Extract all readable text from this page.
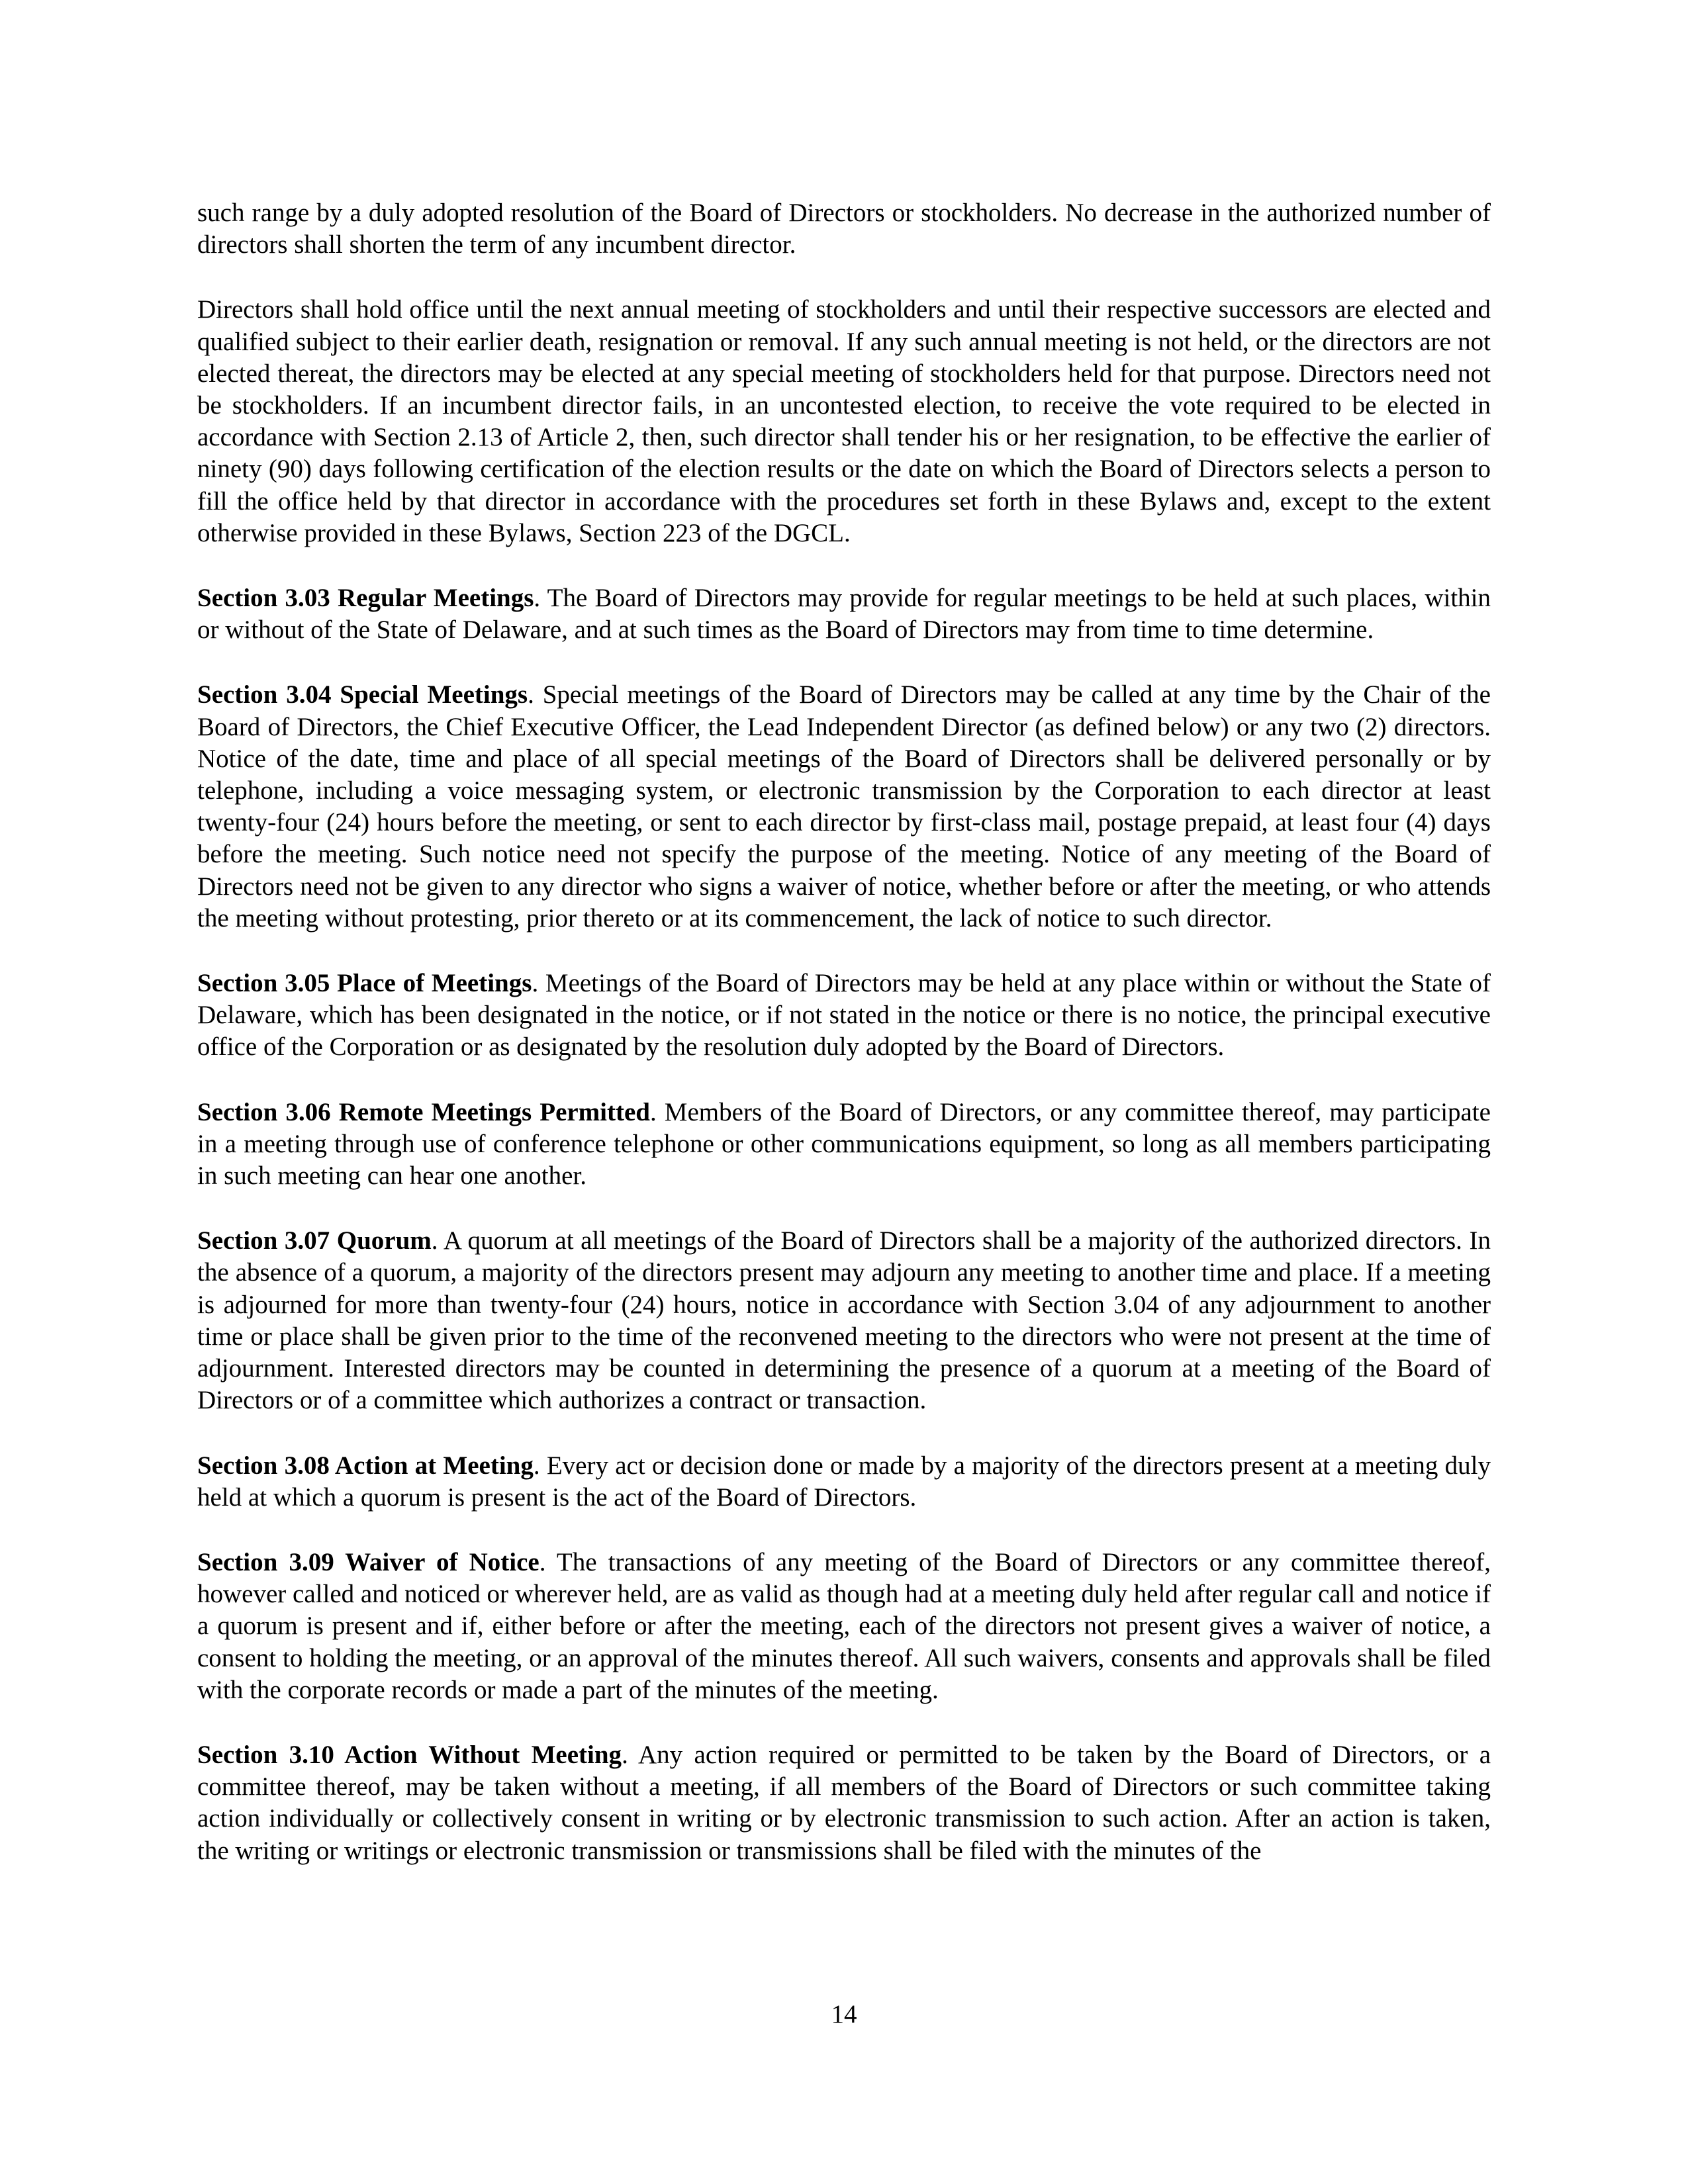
such range by a duly adopted resolution of the Board of Directors or stockholders. No decrease in the authorized number of directors shall shorten the term of any incumbent director.

Directors shall hold office until the next annual meeting of stockholders and until their respective successors are elected and qualified subject to their earlier death, resignation or removal. If any such annual meeting is not held, or the directors are not elected thereat, the directors may be elected at any special meeting of stockholders held for that purpose. Directors need not be stockholders. If an incumbent director fails, in an uncontested election, to receive the vote required to be elected in accordance with Section 2.13 of Article 2, then, such director shall tender his or her resignation, to be effective the earlier of ninety (90) days following certification of the election results or the date on which the Board of Directors selects a person to fill the office held by that director in accordance with the procedures set forth in these Bylaws and, except to the extent otherwise provided in these Bylaws, Section 223 of the DGCL.

Section 3.03 Regular Meetings. The Board of Directors may provide for regular meetings to be held at such places, within or without of the State of Delaware, and at such times as the Board of Directors may from time to time determine.

Section 3.04 Special Meetings. Special meetings of the Board of Directors may be called at any time by the Chair of the Board of Directors, the Chief Executive Officer, the Lead Independent Director (as defined below) or any two (2) directors. Notice of the date, time and place of all special meetings of the Board of Directors shall be delivered personally or by telephone, including a voice messaging system, or electronic transmission by the Corporation to each director at least twenty-four (24) hours before the meeting, or sent to each director by first-class mail, postage prepaid, at least four (4) days before the meeting. Such notice need not specify the purpose of the meeting. Notice of any meeting of the Board of Directors need not be given to any director who signs a waiver of notice, whether before or after the meeting, or who attends the meeting without protesting, prior thereto or at its commencement, the lack of notice to such director.

Section 3.05 Place of Meetings. Meetings of the Board of Directors may be held at any place within or without the State of Delaware, which has been designated in the notice, or if not stated in the notice or there is no notice, the principal executive office of the Corporation or as designated by the resolution duly adopted by the Board of Directors.

Section 3.06 Remote Meetings Permitted. Members of the Board of Directors, or any committee thereof, may participate in a meeting through use of conference telephone or other communications equipment, so long as all members participating in such meeting can hear one another.

Section 3.07 Quorum. A quorum at all meetings of the Board of Directors shall be a majority of the authorized directors. In the absence of a quorum, a majority of the directors present may adjourn any meeting to another time and place. If a meeting is adjourned for more than twenty-four (24) hours, notice in accordance with Section 3.04 of any adjournment to another time or place shall be given prior to the time of the reconvened meeting to the directors who were not present at the time of adjournment. Interested directors may be counted in determining the presence of a quorum at a meeting of the Board of Directors or of a committee which authorizes a contract or transaction.

Section 3.08 Action at Meeting. Every act or decision done or made by a majority of the directors present at a meeting duly held at which a quorum is present is the act of the Board of Directors.

Section 3.09 Waiver of Notice. The transactions of any meeting of the Board of Directors or any committee thereof, however called and noticed or wherever held, are as valid as though had at a meeting duly held after regular call and notice if a quorum is present and if, either before or after the meeting, each of the directors not present gives a waiver of notice, a consent to holding the meeting, or an approval of the minutes thereof. All such waivers, consents and approvals shall be filed with the corporate records or made a part of the minutes of the meeting.

Section 3.10 Action Without Meeting. Any action required or permitted to be taken by the Board of Directors, or a committee thereof, may be taken without a meeting, if all members of the Board of Directors or such committee taking action individually or collectively consent in writing or by electronic transmission to such action. After an action is taken, the writing or writings or electronic transmission or transmissions shall be filed with the minutes of the

14
